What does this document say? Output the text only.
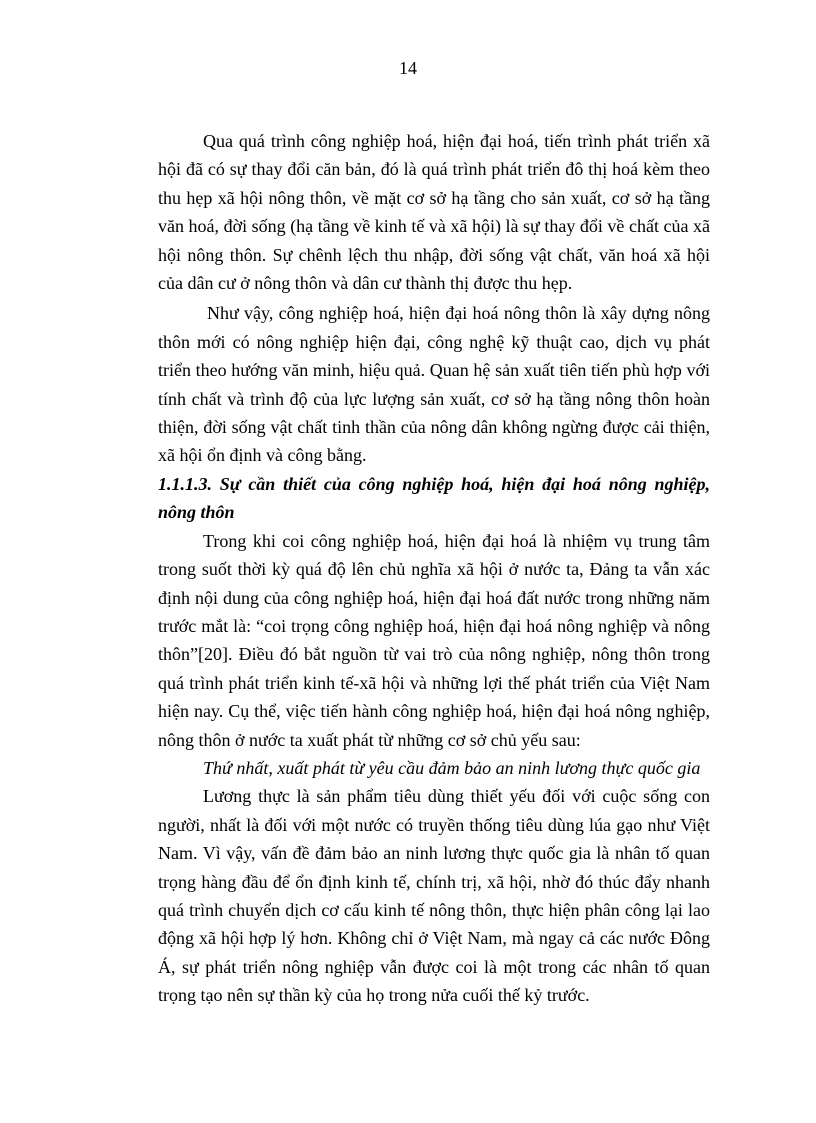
14

Qua quá trình công nghiệp hoá, hiện đại hoá, tiến trình phát triển xã hội đã có sự thay đổi căn bản, đó là quá trình phát triển đô thị hoá kèm theo thu hẹp xã hội nông thôn, về mặt cơ sở hạ tầng cho sản xuất, cơ sở hạ tầng văn hoá, đời sống (hạ tầng về kinh tế và xã hội) là sự thay đổi về chất của xã hội nông thôn. Sự chênh lệch thu nhập, đời sống vật chất, văn hoá xã hội của dân cư ở nông thôn và dân cư thành thị được thu hẹp.

Như vậy, công nghiệp hoá, hiện đại hoá nông thôn là xây dựng nông thôn mới có nông nghiệp hiện đại, công nghệ kỹ thuật cao, dịch vụ phát triển theo hướng văn minh, hiệu quả. Quan hệ sản xuất tiên tiến phù hợp với tính chất và trình độ của lực lượng sản xuất, cơ sở hạ tầng nông thôn hoàn thiện, đời sống vật chất tinh thần của nông dân không ngừng được cải thiện, xã hội ổn định và công bằng.

1.1.1.3. Sự cần thiết của công nghiệp hoá, hiện đại hoá nông nghiệp, nông thôn

Trong khi coi công nghiệp hoá, hiện đại hoá là nhiệm vụ trung tâm trong suốt thời kỳ quá độ lên chủ nghĩa xã hội ở nước ta, Đảng ta vẫn xác định nội dung của công nghiệp hoá, hiện đại hoá đất nước trong những năm trước mắt là: “coi trọng công nghiệp hoá, hiện đại hoá nông nghiệp và nông thôn”[20]. Điều đó bắt nguồn từ vai trò của nông nghiệp, nông thôn trong quá trình phát triển kinh tế-xã hội và những lợi thế phát triển của Việt Nam hiện nay. Cụ thể, việc tiến hành công nghiệp hoá, hiện đại hoá nông nghiệp, nông thôn ở nước ta xuất phát từ những cơ sở chủ yếu sau:

Thứ nhất, xuất phát từ yêu cầu đảm bảo an ninh lương thực quốc gia

Lương thực là sản phẩm tiêu dùng thiết yếu đối với cuộc sống con người, nhất là đối với một nước có truyền thống tiêu dùng lúa gạo như Việt Nam. Vì vậy, vấn đề đảm bảo an ninh lương thực quốc gia là nhân tố quan trọng hàng đầu để ổn định kinh tế, chính trị, xã hội, nhờ đó thúc đẩy nhanh quá trình chuyển dịch cơ cấu kinh tế nông thôn, thực hiện phân công lại lao động xã hội hợp lý hơn. Không chỉ ở Việt Nam, mà ngay cả các nước Đông Á, sự phát triển nông nghiệp vẫn được coi là một trong các nhân tố quan trọng tạo nên sự thần kỳ của họ trong nửa cuối thế kỷ trước.
